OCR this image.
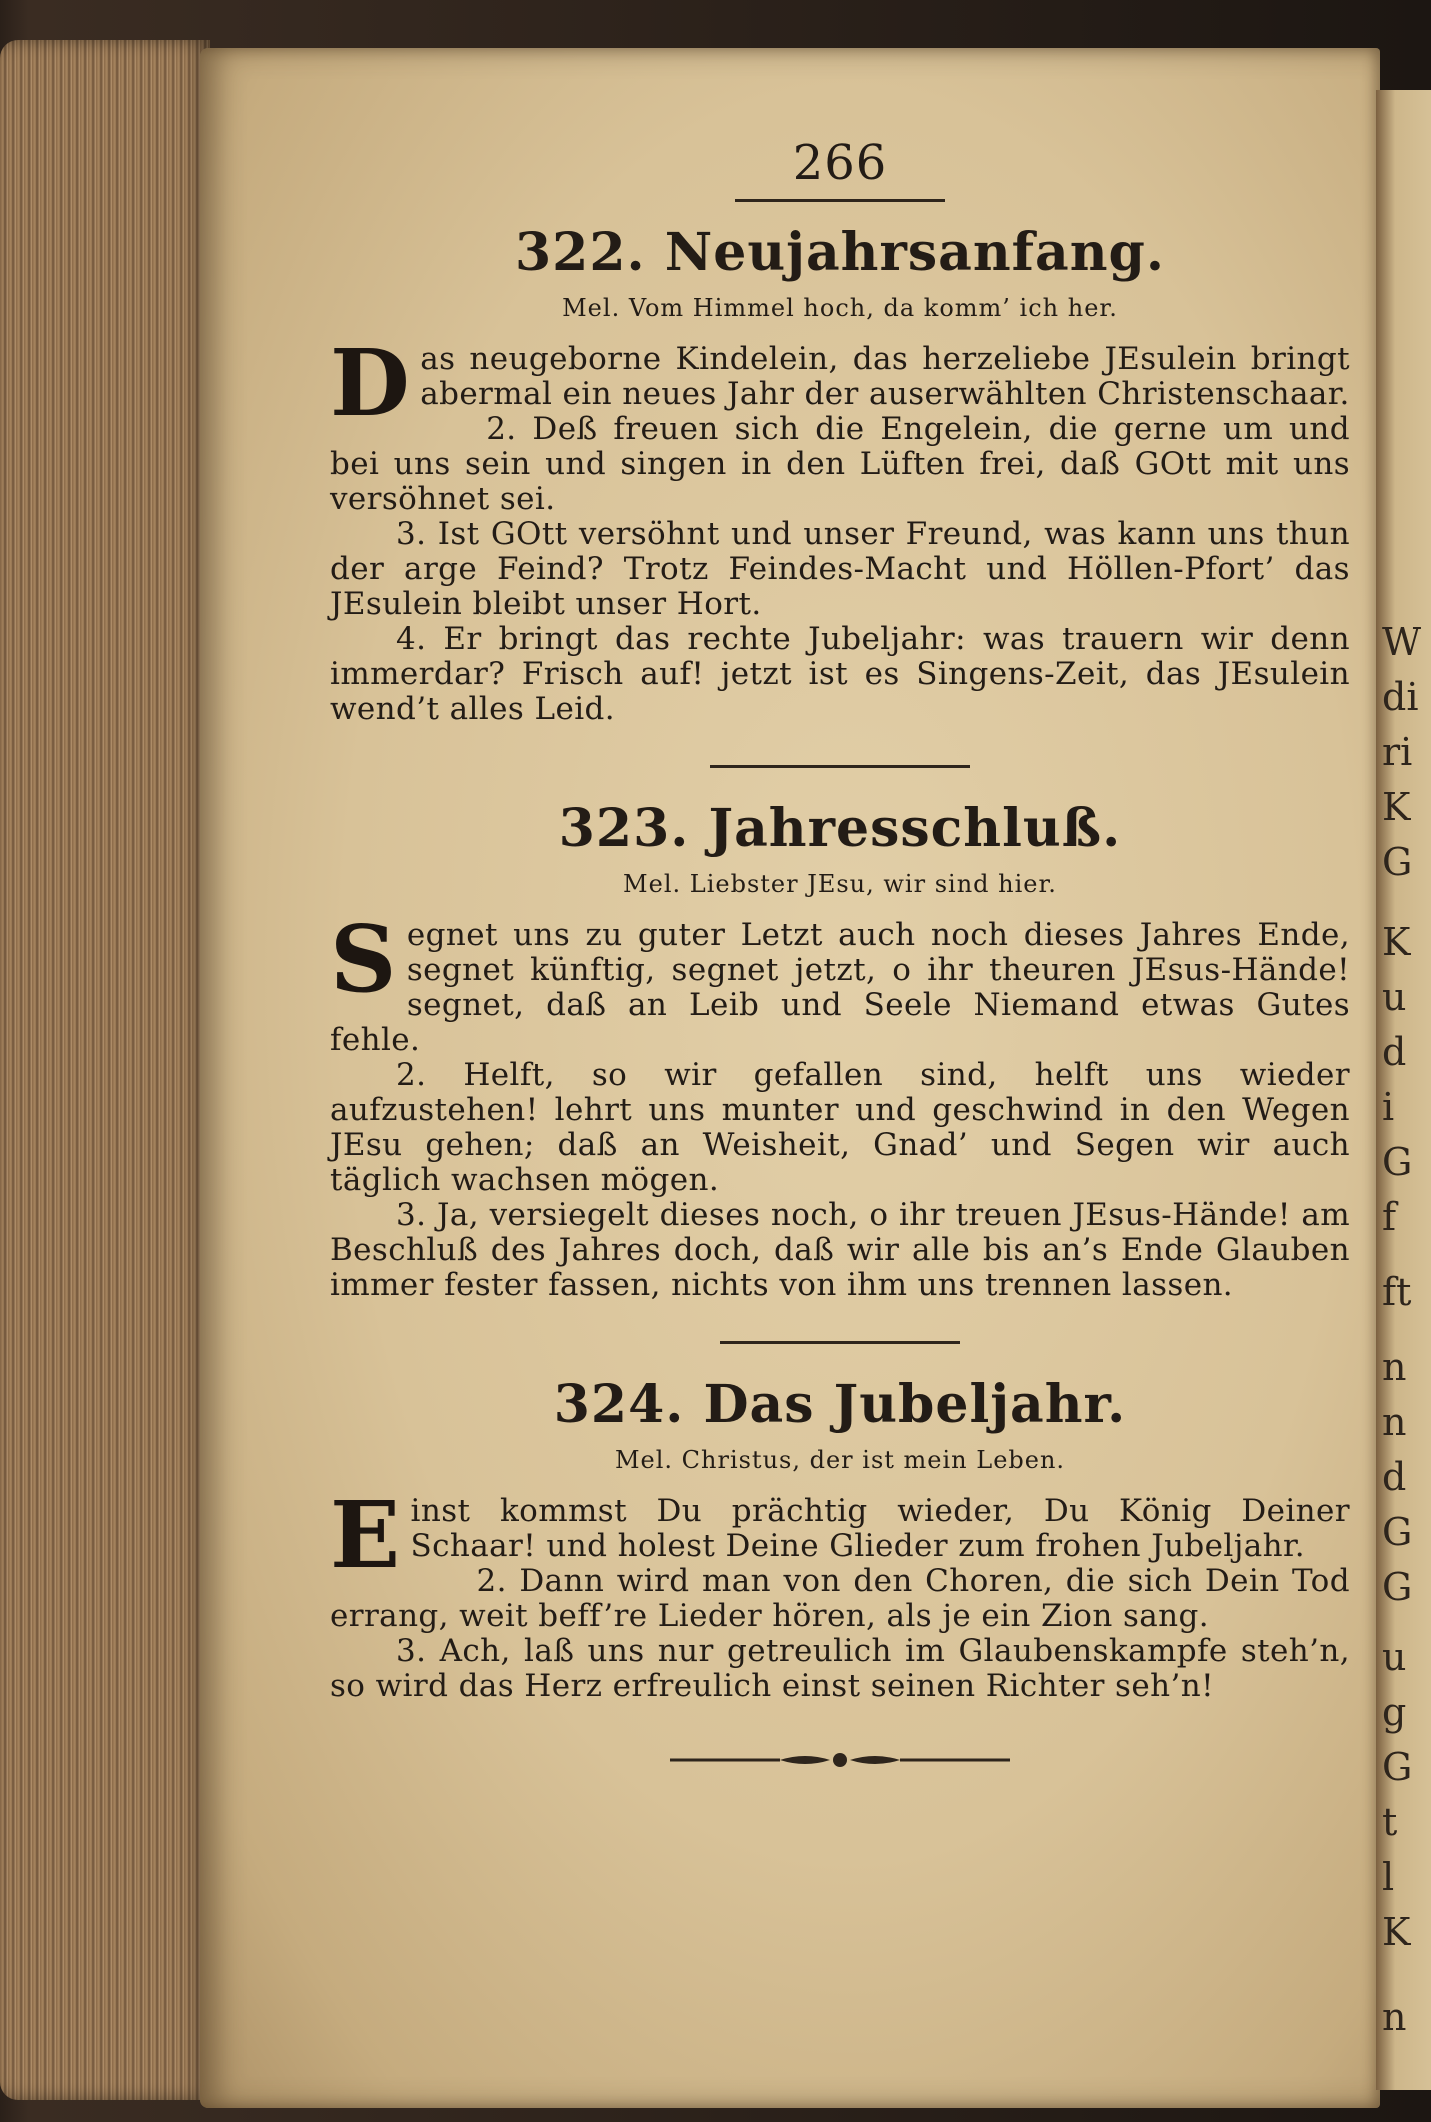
W
di
ri
K
G
K
u
d
i
G
f
ft
n
n
d
G
G
u
g
G
t
l
K
n
266
322. Neujahrsanfang.
Mel. Vom Himmel hoch, da komm’ ich her.

Das neugeborne Kindelein, das herzeliebe JEsulein bringt abermal ein neues Jahr der auserwählten Christenschaar.

2. Deß freuen sich die Engelein, die gerne um und bei uns sein und singen in den Lüften frei, daß GOtt mit uns versöhnet sei.

3. Ist GOtt versöhnt und unser Freund, was kann uns thun der arge Feind? Trotz Feindes-Macht und Höllen-Pfort’ das JEsulein bleibt unser Hort.

4. Er bringt das rechte Jubeljahr: was trauern wir denn immerdar? Frisch auf! jetzt ist es Singens-Zeit, das JEsulein wend’t alles Leid.

323. Jahresschluß.
Mel. Liebster JEsu, wir sind hier.

Segnet uns zu guter Letzt auch noch dieses Jahres Ende, segnet künftig, segnet jetzt, o ihr theuren JEsus-Hände! segnet, daß an Leib und Seele Niemand etwas Gutes fehle.

2. Helft, so wir gefallen sind, helft uns wieder aufzustehen! lehrt uns munter und geschwind in den Wegen JEsu gehen; daß an Weisheit, Gnad’ und Segen wir auch täglich wachsen mögen.

3. Ja, versiegelt dieses noch, o ihr treuen JEsus-Hände! am Beschluß des Jahres doch, daß wir alle bis an’s Ende Glauben immer fester fassen, nichts von ihm uns trennen lassen.

324. Das Jubeljahr.
Mel. Christus, der ist mein Leben.

Einst kommst Du prächtig wieder, Du König Deiner Schaar! und holest Deine Glieder zum frohen Jubeljahr.

2. Dann wird man von den Choren, die sich Dein Tod errang, weit beff’re Lieder hören, als je ein Zion sang.

3. Ach, laß uns nur getreulich im Glaubenskampfe steh’n, so wird das Herz erfreulich einst seinen Richter seh’n!
